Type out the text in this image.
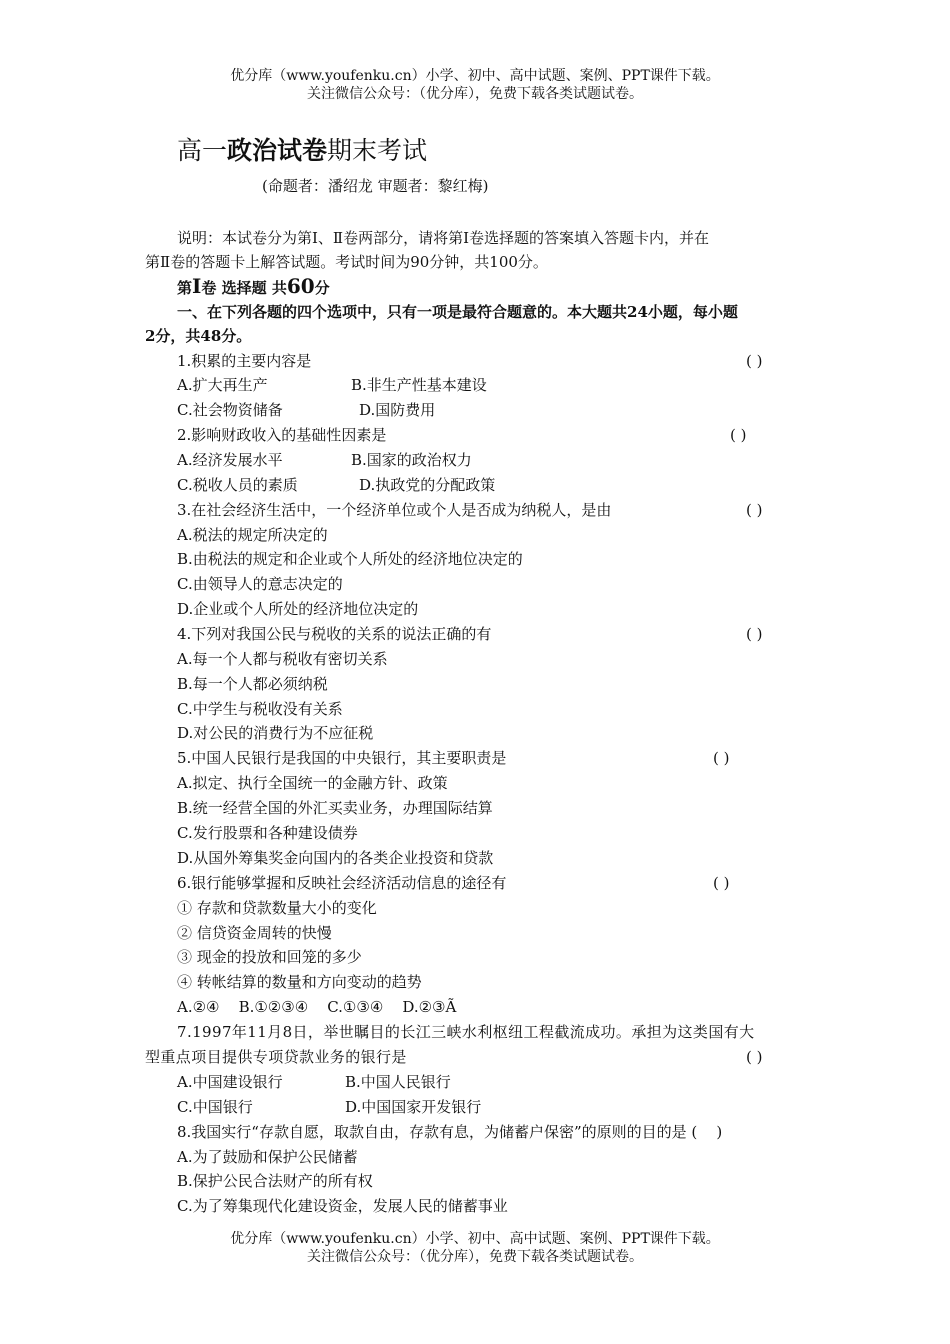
优分库（www.youfenku.cn）小学、初中、高中试题、案例、PPT课件下载。
关注微信公众号：（优分库），免费下载各类试题试卷。
高一政治试卷期末考试
(命题者：潘绍龙 审题者：黎红梅)
说明：本试卷分为第Ⅰ、Ⅱ卷两部分，请将第Ⅰ卷选择题的答案填入答题卡内，并在
第Ⅱ卷的答题卡上解答试题。考试时间为90分钟，共100分。
第Ⅰ卷 选择题 共60分
一、在下列各题的四个选项中，只有一项是最符合题意的。本大题共24小题，每小题
2分，共48分。
1.积累的主要内容是	( )
A.扩大再生产	B.非生产性基本建设
C.社会物资储备	D.国防费用
2.影响财政收入的基础性因素是	( )
A.经济发展水平	B.国家的政治权力
C.税收人员的素质	D.执政党的分配政策
3.在社会经济生活中，一个经济单位或个人是否成为纳税人，是由	( )
A.税法的规定所决定的
B.由税法的规定和企业或个人所处的经济地位决定的
C.由领导人的意志决定的
D.企业或个人所处的经济地位决定的
4.下列对我国公民与税收的关系的说法正确的有	( )
A.每一个人都与税收有密切关系
B.每一个人都必须纳税
C.中学生与税收没有关系
D.对公民的消费行为不应征税
5.中国人民银行是我国的中央银行，其主要职责是	( )
A.拟定、执行全国统一的金融方针、政策
B.统一经营全国的外汇买卖业务，办理国际结算
C.发行股票和各种建设债券
D.从国外筹集奖金向国内的各类企业投资和贷款
6.银行能够掌握和反映社会经济活动信息的途径有	( )
① 存款和贷款数量大小的变化
② 信贷资金周转的快慢
③ 现金的投放和回笼的多少
④ 转帐结算的数量和方向变动的趋势
A.②④    B.①②③④    C.①③④    D.②③Ã
7.1997年11月8日，举世瞩目的长江三峡水利枢纽工程截流成功。承担为这类国有大
型重点项目提供专项贷款业务的银行是	( )
A.中国建设银行	B.中国人民银行
C.中国银行	D.中国国家开发银行
8.我国实行“存款自愿，取款自由，存款有息，为储蓄户保密”的原则的目的是 (    )
A.为了鼓励和保护公民储蓄
B.保护公民合法财产的所有权
C.为了筹集现代化建设资金，发展人民的储蓄事业
优分库（www.youfenku.cn）小学、初中、高中试题、案例、PPT课件下载。
关注微信公众号：（优分库），免费下载各类试题试卷。
